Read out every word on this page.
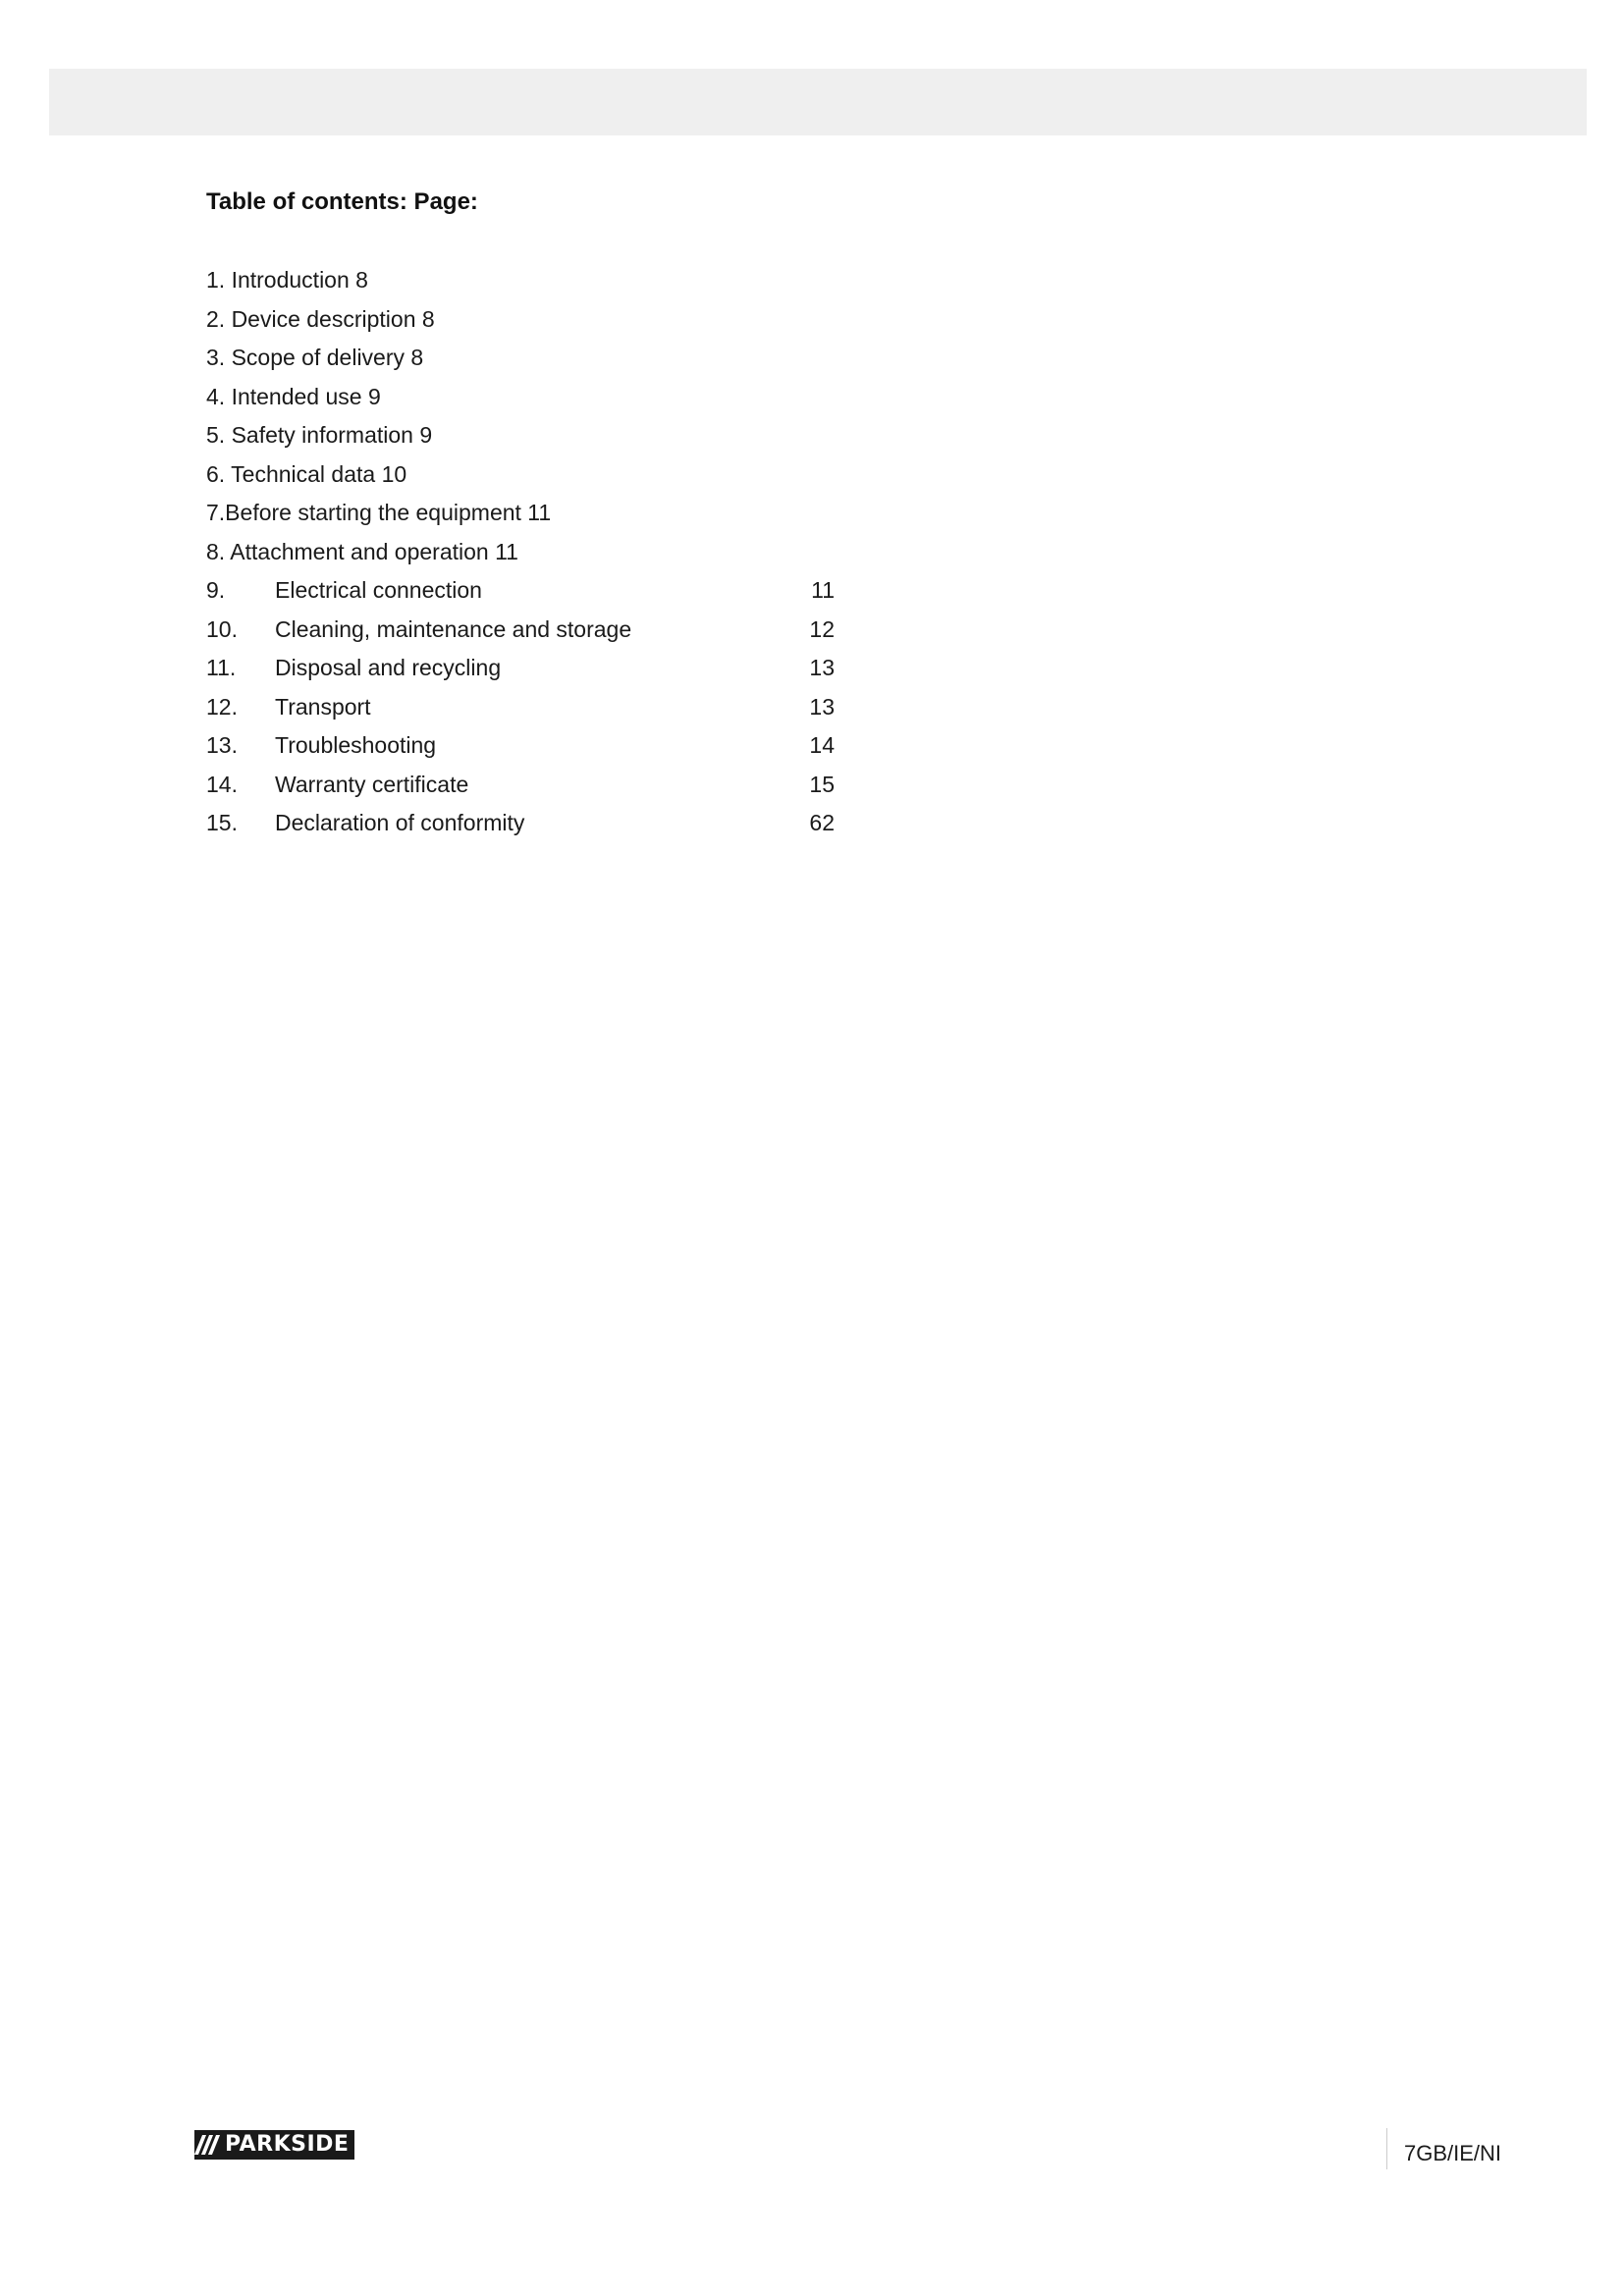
Table of contents: Page:
1. Introduction 8
2. Device description 8
3. Scope of delivery 8
4. Intended use 9
5. Safety information 9
6. Technical data 10
7.Before starting the equipment 11
8. Attachment and operation 11
9. Electrical connection	11
10. Cleaning, maintenance and storage	12
11. Disposal and recycling	13
12. Transport	13
13. Troubleshooting	14
14. Warranty certificate	15
15. Declaration of conformity	62
PARKSIDE	7GB/IE/NI
